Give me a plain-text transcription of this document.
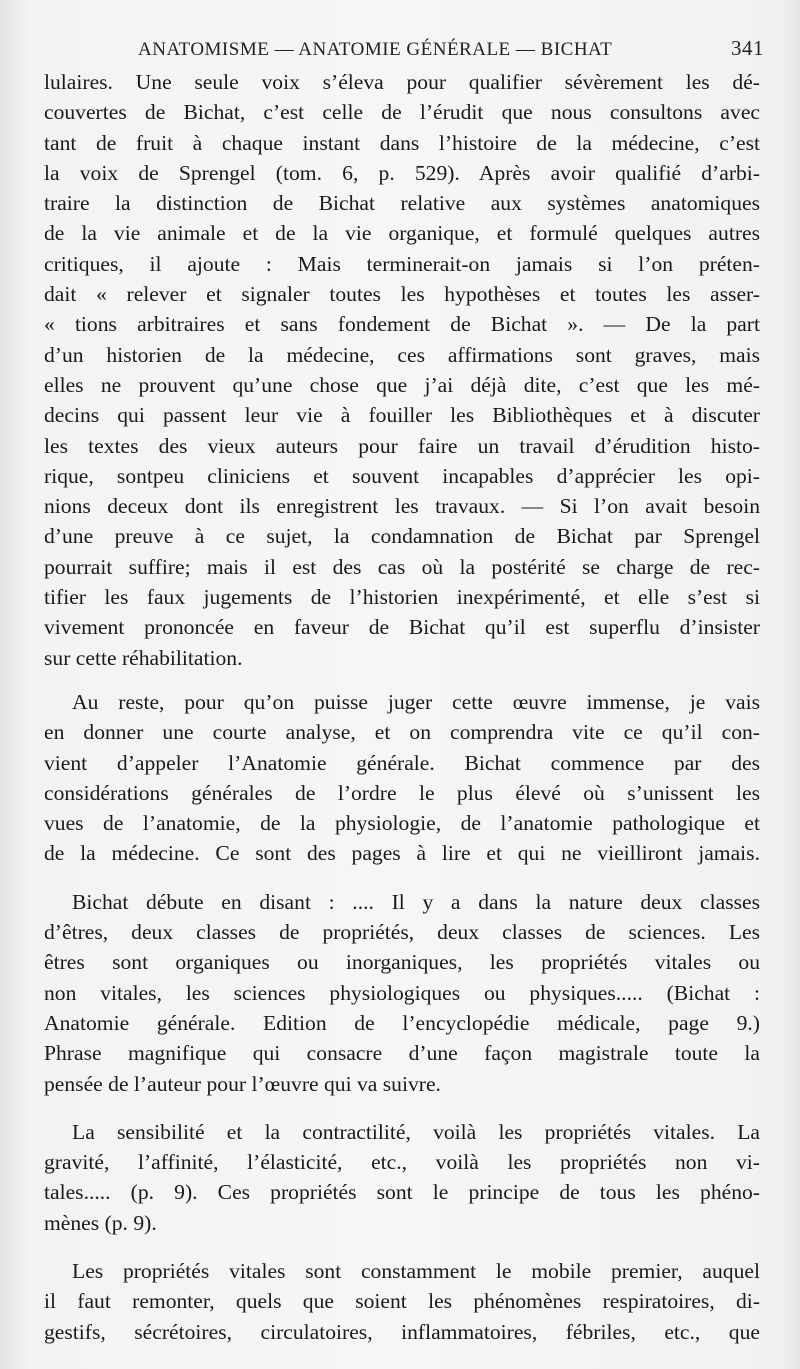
ANATOMISME — ANATOMIE GÉNÉRALE — BICHAT	341

lulaires. Une seule voix s’éleva pour qualifier sévèrement les dé-
couvertes de Bichat, c’est celle de l’érudit que nous consultons avec
tant de fruit à chaque instant dans l’histoire de la médecine, c’est
la voix de Sprengel (tom. 6, p. 529). Après avoir qualifié d’arbi-
traire la distinction de Bichat relative aux systèmes anatomiques
de la vie animale et de la vie organique, et formulé quelques autres
critiques, il ajoute : Mais terminerait-on jamais si l’on préten-
dait « relever et signaler toutes les hypothèses et toutes les asser-
« tions arbitraires et sans fondement de Bichat ». — De la part
d’un historien de la médecine, ces affirmations sont graves, mais
elles ne prouvent qu’une chose que j’ai déjà dite, c’est que les mé-
decins qui passent leur vie à fouiller les Bibliothèques et à discuter
les textes des vieux auteurs pour faire un travail d’érudition histo-
rique, sontpeu cliniciens et souvent incapables d’apprécier les opi-
nions deceux dont ils enregistrent les travaux. — Si l’on avait besoin
d’une preuve à ce sujet, la condamnation de Bichat par Sprengel
pourrait suffire; mais il est des cas où la postérité se charge de rec-
tifier les faux jugements de l’historien inexpérimenté, et elle s’est si
vivement prononcée en faveur de Bichat qu’il est superflu d’insister
sur cette réhabilitation.

Au reste, pour qu’on puisse juger cette œuvre immense, je vais
en donner une courte analyse, et on comprendra vite ce qu’il con-
vient d’appeler l’Anatomie générale. Bichat commence par des
considérations générales de l’ordre le plus élevé où s’unissent les
vues de l’anatomie, de la physiologie, de l’anatomie pathologique et
de la médecine. Ce sont des pages à lire et qui ne vieilliront jamais.

Bichat débute en disant : .... Il y a dans la nature deux classes
d’êtres, deux classes de propriétés, deux classes de sciences. Les
êtres sont organiques ou inorganiques, les propriétés vitales ou
non vitales, les sciences physiologiques ou physiques..... (Bichat :
Anatomie générale. Edition de l’encyclopédie médicale, page 9.)
Phrase magnifique qui consacre d’une façon magistrale toute la
pensée de l’auteur pour l’œuvre qui va suivre.

La sensibilité et la contractilité, voilà les propriétés vitales. La
gravité, l’affinité, l’élasticité, etc., voilà les propriétés non vi-
tales..... (p. 9). Ces propriétés sont le principe de tous les phéno-
mènes (p. 9).

Les propriétés vitales sont constamment le mobile premier, auquel
il faut remonter, quels que soient les phénomènes respiratoires, di-
gestifs, sécrétoires, circulatoires, inflammatoires, fébriles, etc., que
